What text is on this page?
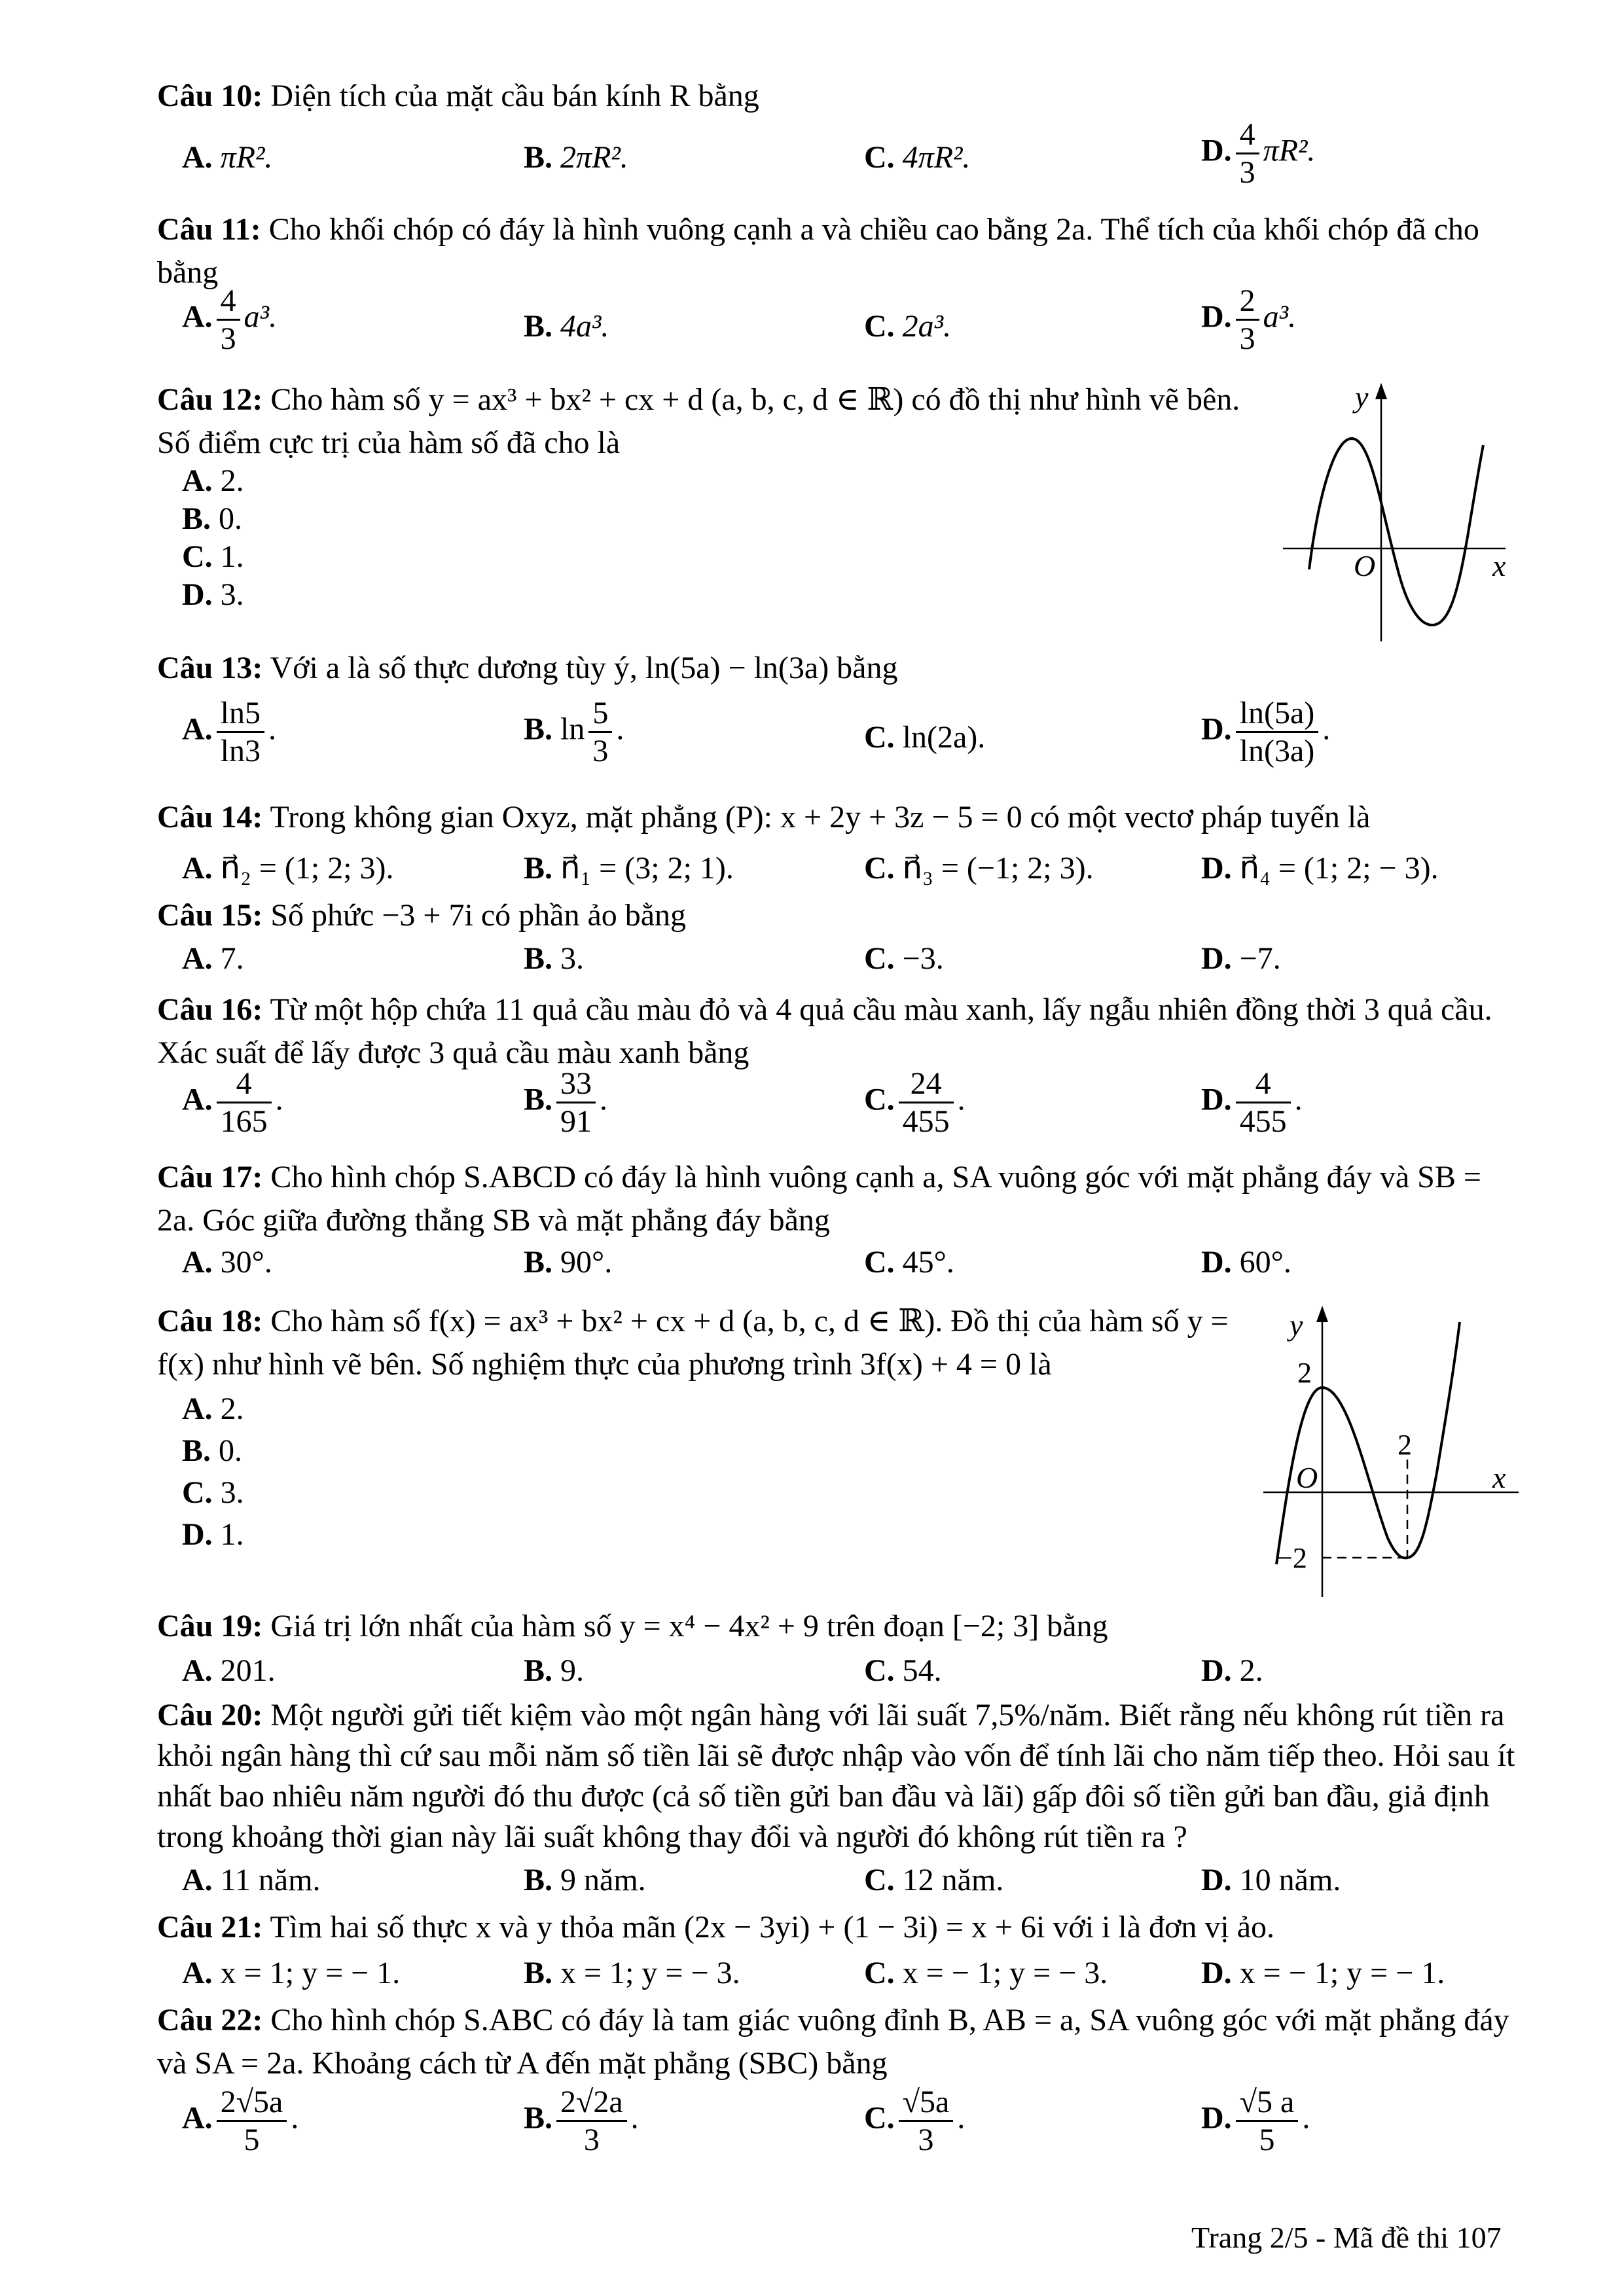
Câu 10: Diện tích của mặt cầu bán kính R bằng
A. πR².	B. 2πR².	C. 4πR².	D. $\frac{4}{3} \pi R^2$.
Câu 11: Cho khối chóp có đáy là hình vuông cạnh a và chiều cao bằng 2a. Thể tích của khối chóp đã cho bằng
A. $\frac{4}{3} a^3$.	B. 4a³.	C. 2a³.	D. $\frac{2}{3} a^3$.
Câu 12: Cho hàm số y = ax³ + bx² + cx + d (a, b, c, d ∈ ℝ) có đồ thị như hình vẽ bên. Số điểm cực trị của hàm số đã cho là
A. 2.
B. 0.
C. 1.
D. 3.
y
x
O
Câu 13: Với a là số thực dương tùy ý, ln(5a) − ln(3a) bằng
A. $\frac{\ln 5}{\ln 3}$ .	B. $\ln \frac{5}{3}$ .	C. ln(2a).	D. $\frac{\ln(5a)}{\ln(3a)}$ .
Câu 14: Trong không gian Oxyz, mặt phẳng (P): x + 2y + 3z − 5 = 0 có một vectơ pháp tuyến là
A. n⃗₂ = (1; 2; 3).	B. n⃗₁ = (3; 2; 1).	C. n⃗₃ = (−1; 2; 3).	D. n⃗₄ = (1; 2; − 3).
Câu 15: Số phức −3 + 7i có phần ảo bằng
A. 7.	B. 3.	C. −3.	D. −7.
Câu 16: Từ một hộp chứa 11 quả cầu màu đỏ và 4 quả cầu màu xanh, lấy ngẫu nhiên đồng thời 3 quả cầu. Xác suất để lấy được 3 quả cầu màu xanh bằng
A. $\frac{4}{165}$ .	B. $\frac{33}{91}$ .	C. $\frac{24}{455}$ .	D. $\frac{4}{455}$ .
Câu 17: Cho hình chóp S.ABCD có đáy là hình vuông cạnh a, SA vuông góc với mặt phẳng đáy và SB = 2a. Góc giữa đường thẳng SB và mặt phẳng đáy bằng
A. 30°.	B. 90°.	C. 45°.	D. 60°.
Câu 18: Cho hàm số f(x) = ax³ + bx² + cx + d (a, b, c, d ∈ ℝ). Đồ thị của hàm số y = f(x) như hình vẽ bên. Số nghiệm thực của phương trình 3f(x) + 4 = 0 là
A. 2.
B. 0.
C. 3.
D. 1.
y
x
O
2
−2
2
Câu 19: Giá trị lớn nhất của hàm số y = x⁴ − 4x² + 9 trên đoạn [−2; 3] bằng
A. 201.	B. 9.	C. 54.	D. 2.
Câu 20: Một người gửi tiết kiệm vào một ngân hàng với lãi suất 7,5%/năm. Biết rằng nếu không rút tiền ra khỏi ngân hàng thì cứ sau mỗi năm số tiền lãi sẽ được nhập vào vốn để tính lãi cho năm tiếp theo. Hỏi sau ít nhất bao nhiêu năm người đó thu được (cả số tiền gửi ban đầu và lãi) gấp đôi số tiền gửi ban đầu, giả định trong khoảng thời gian này lãi suất không thay đổi và người đó không rút tiền ra ?
A. 11 năm.	B. 9 năm.	C. 12 năm.	D. 10 năm.
Câu 21: Tìm hai số thực x và y thỏa mãn (2x − 3yi) + (1 − 3i) = x + 6i với i là đơn vị ảo.
A. x = 1; y = − 1.	B. x = 1; y = − 3.	C. x = − 1; y = − 3.	D. x = − 1; y = − 1.
Câu 22: Cho hình chóp S.ABC có đáy là tam giác vuông đỉnh B, AB = a, SA vuông góc với mặt phẳng đáy và SA = 2a. Khoảng cách từ A đến mặt phẳng (SBC) bằng
A. $\frac{2√5a}{5}$ .	B. $\frac{2√2a}{3}$ .	C. $\frac{√5a}{3}$ .	D. $\frac{√5 a}{5}$ .
Trang 2/5 - Mã đề thi 107
